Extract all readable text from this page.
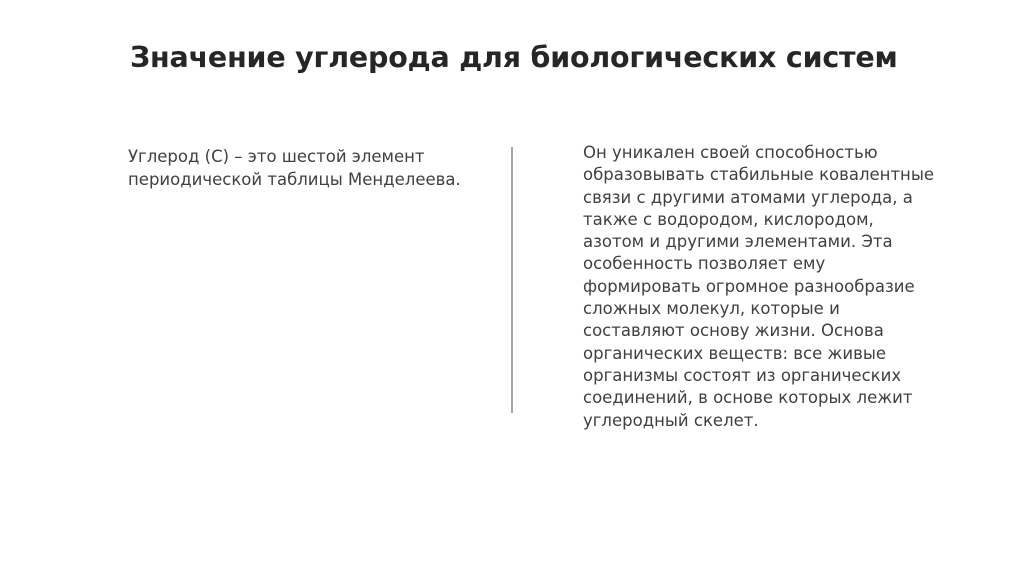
Значение углерода для биологических систем
Углерод (C) – это шестой элемент периодической таблицы Менделеева.
Он уникален своей способностью образовывать стабильные ковалентные связи с другими атомами углерода, а также с водородом, кислородом, азотом и другими элементами. Эта особенность позволяет ему формировать огромное разнообразие сложных молекул, которые и составляют основу жизни. Основа органических веществ: все живые организмы состоят из органических соединений, в основе которых лежит углеродный скелет.
